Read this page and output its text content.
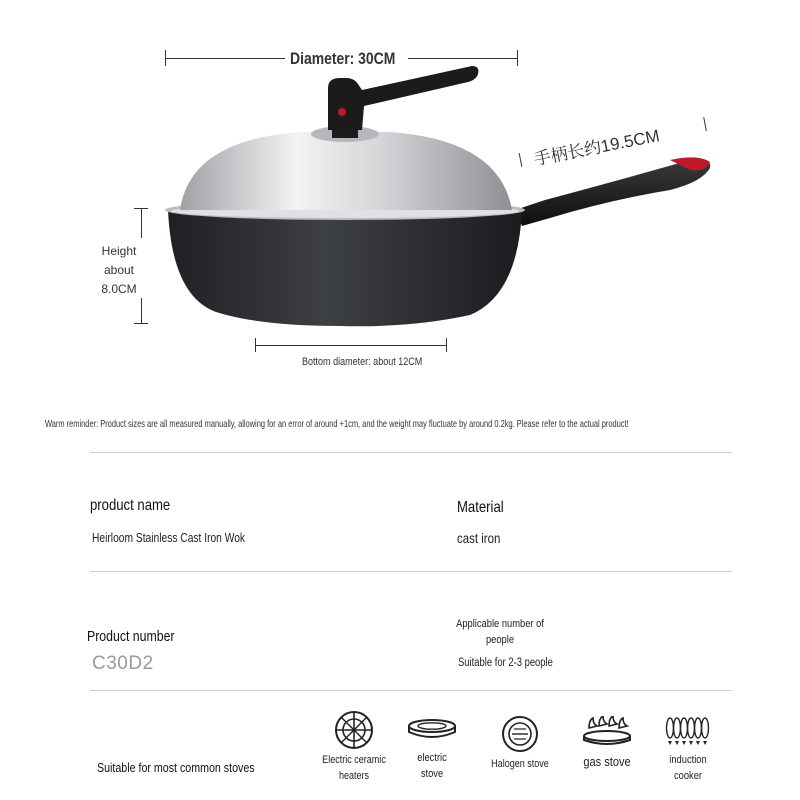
Diameter: 30CM
手柄长约19.5CM
Height
about
8.0CM
Bottom diameter: about 12CM
Warm reminder: Product sizes are all measured manually, allowing for an error of around +1cm, and the weight may fluctuate by around 0.2kg. Please refer to the actual product!
product name
Heirloom Stainless Cast Iron Wok
Material
cast iron
Product number
C30D2
Applicable number of
people
Suitable for 2-3 people
Suitable for most common stoves	Electric ceramic
heaters
electric
stove
Halogen stove	gas stove	induction
cooker
